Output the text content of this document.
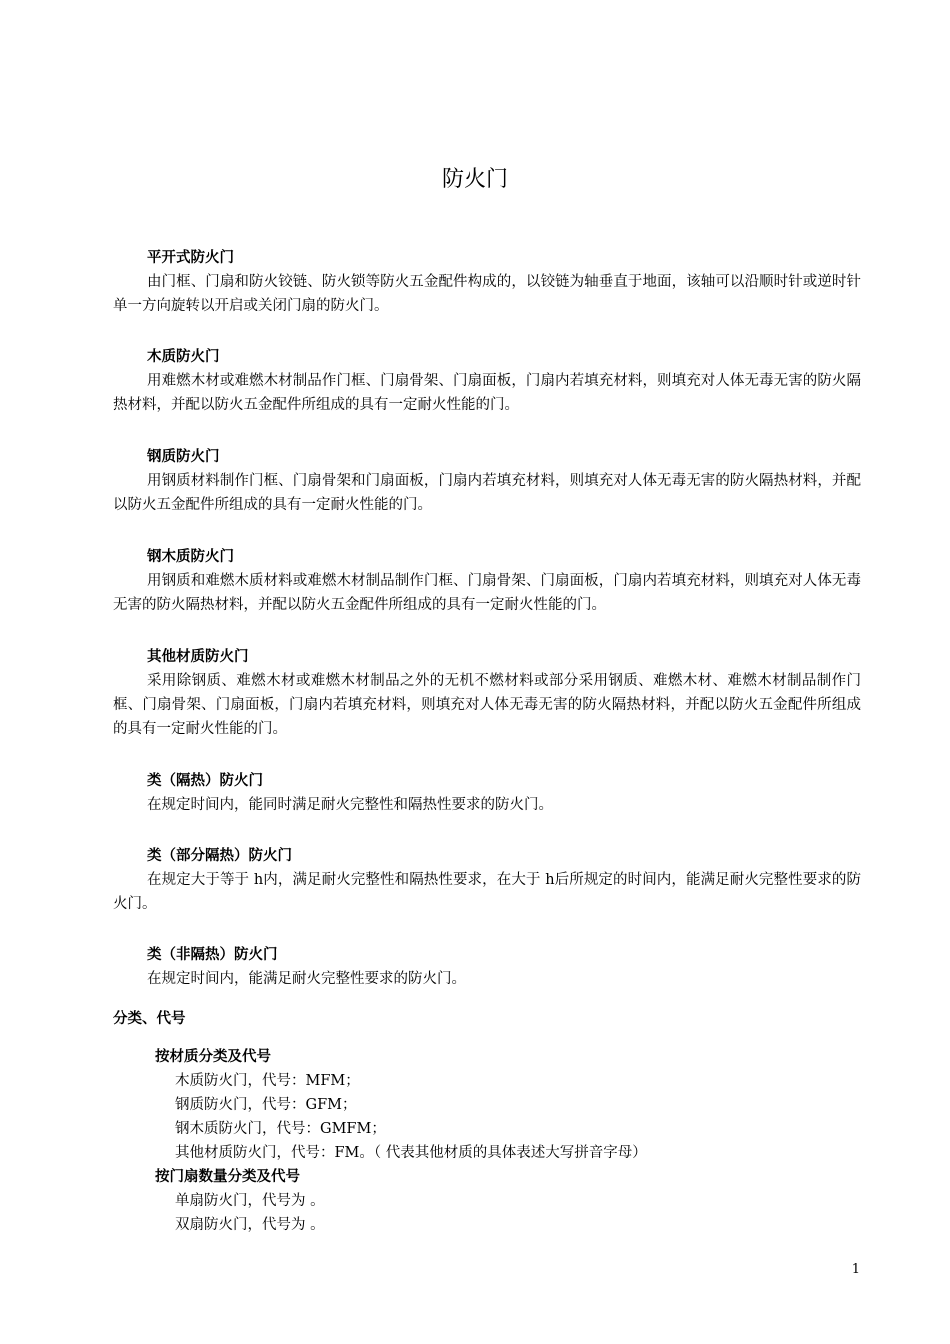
防火门
平开式防火门
由门框、门扇和防火铰链、防火锁等防火五金配件构成的，以铰链为轴垂直于地面，该轴可以沿顺时针或逆时针单一方向旋转以开启或关闭门扇的防火门。
木质防火门
用难燃木材或难燃木材制品作门框、门扇骨架、门扇面板，门扇内若填充材料，则填充对人体无毒无害的防火隔热材料，并配以防火五金配件所组成的具有一定耐火性能的门。
钢质防火门
用钢质材料制作门框、门扇骨架和门扇面板，门扇内若填充材料，则填充对人体无毒无害的防火隔热材料，并配以防火五金配件所组成的具有一定耐火性能的门。
钢木质防火门
用钢质和难燃木质材料或难燃木材制品制作门框、门扇骨架、门扇面板，门扇内若填充材料，则填充对人体无毒无害的防火隔热材料，并配以防火五金配件所组成的具有一定耐火性能的门。
其他材质防火门
采用除钢质、难燃木材或难燃木材制品之外的无机不燃材料或部分采用钢质、难燃木材、难燃木材制品制作门框、门扇骨架、门扇面板，门扇内若填充材料，则填充对人体无毒无害的防火隔热材料，并配以防火五金配件所组成的具有一定耐火性能的门。
类（隔热）防火门
在规定时间内，能同时满足耐火完整性和隔热性要求的防火门。
类（部分隔热）防火门
在规定大于等于 h内，满足耐火完整性和隔热性要求，在大于 h后所规定的时间内，能满足耐火完整性要求的防火门。
类（非隔热）防火门
在规定时间内，能满足耐火完整性要求的防火门。
分类、代号
按材质分类及代号
木质防火门，代号：MFM；
钢质防火门，代号：GFM；
钢木质防火门，代号：GMFM；
其他材质防火门，代号：FM。（ 代表其他材质的具体表述大写拼音字母）
按门扇数量分类及代号
单扇防火门，代号为 。
双扇防火门，代号为 。
1
